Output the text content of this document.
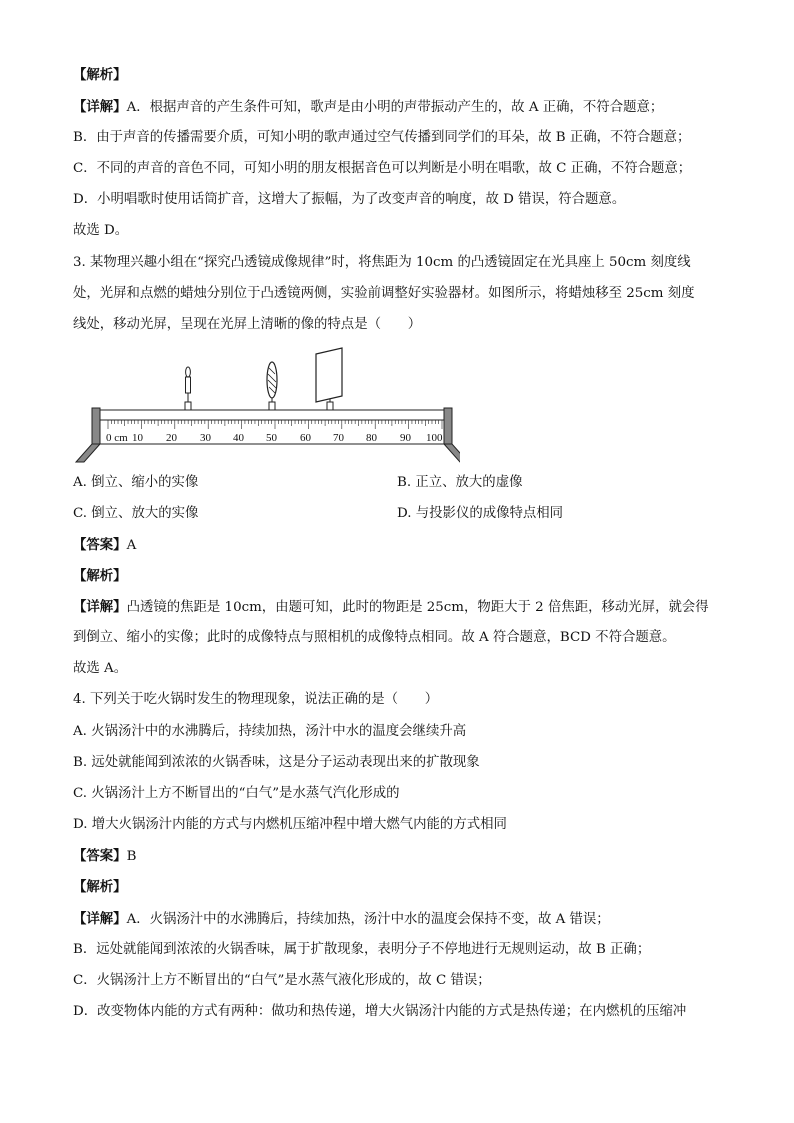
【解析】
【详解】A．根据声音的产生条件可知，歌声是由小明的声带振动产生的，故 A 正确，不符合题意；
B．由于声音的传播需要介质，可知小明的歌声通过空气传播到同学们的耳朵，故 B 正确，不符合题意；
C．不同的声音的音色不同，可知小明的朋友根据音色可以判断是小明在唱歌，故 C 正确，不符合题意；
D．小明唱歌时使用话筒扩音，这增大了振幅，为了改变声音的响度，故 D 错误，符合题意。
故选 D。
3. 某物理兴趣小组在“探究凸透镜成像规律”时，将焦距为 10cm 的凸透镜固定在光具座上 50cm 刻度线
处，光屏和点燃的蜡烛分别位于凸透镜两侧，实验前调整好实验器材。如图所示，将蜡烛移至 25cm 刻度
线处，移动光屏，呈现在光屏上清晰的像的特点是（　　）
0 cm 10 20 30 40 50 60 70 80 90 100
A. 倒立、缩小的实像	B. 正立、放大的虚像
C. 倒立、放大的实像	D. 与投影仪的成像特点相同
【答案】A
【解析】
【详解】凸透镜的焦距是 10cm，由题可知，此时的物距是 25cm，物距大于 2 倍焦距，移动光屏，就会得
到倒立、缩小的实像；此时的成像特点与照相机的成像特点相同。故 A 符合题意，BCD 不符合题意。
故选 A。
4. 下列关于吃火锅时发生的物理现象，说法正确的是（　　）
A. 火锅汤汁中的水沸腾后，持续加热，汤汁中水的温度会继续升高
B. 远处就能闻到浓浓的火锅香味，这是分子运动表现出来的扩散现象
C. 火锅汤汁上方不断冒出的“白气”是水蒸气汽化形成的
D. 增大火锅汤汁内能的方式与内燃机压缩冲程中增大燃气内能的方式相同
【答案】B
【解析】
【详解】A．火锅汤汁中的水沸腾后，持续加热，汤汁中水的温度会保持不变，故 A 错误；
B．远处就能闻到浓浓的火锅香味，属于扩散现象，表明分子不停地进行无规则运动，故 B 正确；
C．火锅汤汁上方不断冒出的“白气”是水蒸气液化形成的，故 C 错误；
D．改变物体内能的方式有两种：做功和热传递，增大火锅汤汁内能的方式是热传递；在内燃机的压缩冲
